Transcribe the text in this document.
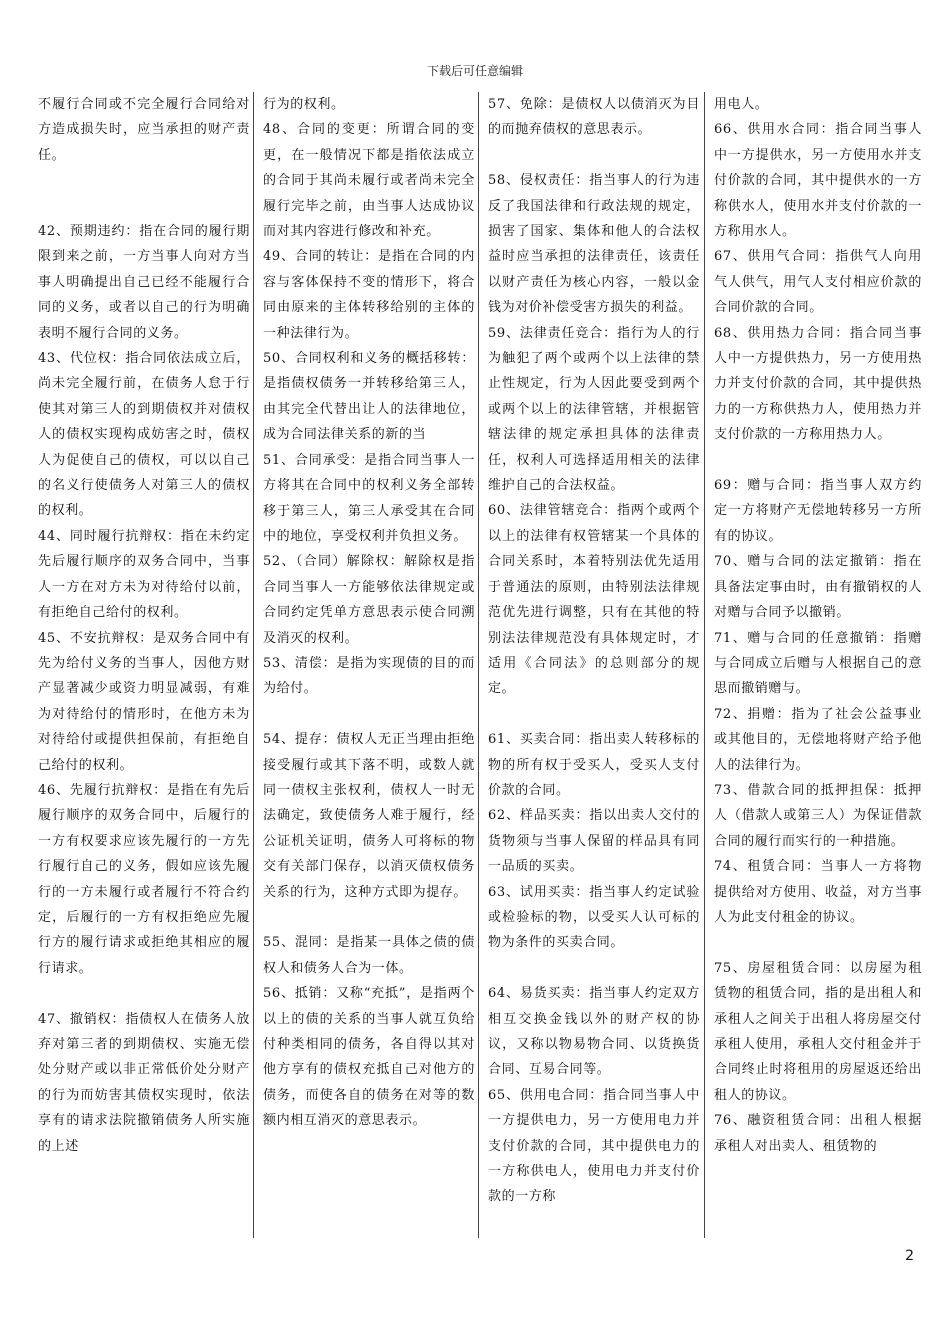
下载后可任意编辑

不履行合同或不完全履行合同给对方造成损失时，应当承担的财产责任。

42、预期违约：指在合同的履行期限到来之前，一方当事人向对方当事人明确提出自己已经不能履行合同的义务，或者以自己的行为明确表明不履行合同的义务。

43、代位权：指合同依法成立后，尚未完全履行前，在债务人怠于行使其对第三人的到期债权并对债权人的债权实现构成妨害之时，债权人为促使自己的债权，可以以自己的名义行使债务人对第三人的债权的权利。

44、同时履行抗辩权：指在未约定先后履行顺序的双务合同中，当事人一方在对方未为对待给付以前，有拒绝自己给付的权利。

45、不安抗辩权：是双务合同中有先为给付义务的当事人，因他方财产显著减少或资力明显减弱，有难为对待给付的情形时，在他方未为对待给付或提供担保前，有拒绝自己给付的权利。

46、先履行抗辩权：是指在有先后履行顺序的双务合同中，后履行的一方有权要求应该先履行的一方先行履行自己的义务，假如应该先履行的一方未履行或者履行不符合约定，后履行的一方有权拒绝应先履行方的履行请求或拒绝其相应的履行请求。

47、撤销权：指债权人在债务人放弃对第三者的到期债权、实施无偿处分财产或以非正常低价处分财产的行为而妨害其债权实现时，依法享有的请求法院撤销债务人所实施的上述

行为的权利。

48、合同的变更：所谓合同的变更，在一般情况下都是指依法成立的合同于其尚未履行或者尚未完全履行完毕之前，由当事人达成协议而对其内容进行修改和补充。

49、合同的转让：是指在合同的内容与客体保持不变的情形下，将合同由原来的主体转移给别的主体的一种法律行为。

50、合同权利和义务的概括移转：是指债权债务一并转移给第三人，由其完全代替出让人的法律地位，成为合同法律关系的新的当

51、合同承受：是指合同当事人一方将其在合同中的权利义务全部转移于第三人，第三人承受其在合同中的地位，享受权利并负担义务。

52、（合同）解除权：解除权是指合同当事人一方能够依法律规定或合同约定凭单方意思表示使合同溯及消灭的权利。

53、清偿：是指为实现债的目的而为给付。

54、提存：债权人无正当理由拒绝接受履行或其下落不明，或数人就同一债权主张权利，债权人一时无法确定，致使债务人难于履行，经公证机关证明，债务人可将标的物交有关部门保存，以消灭债权债务关系的行为，这种方式即为提存。

55、混同：是指某一具体之债的债权人和债务人合为一体。

56、抵销：又称“充抵”，是指两个以上的债的关系的当事人就互负给付种类相同的债务，各自得以其对他方享有的债权充抵自己对他方的债务，而使各自的债务在对等的数额内相互消灭的意思表示。

57、免除：是债权人以债消灭为目的而抛弃债权的意思表示。

58、侵权责任：指当事人的行为违反了我国法律和行政法规的规定，损害了国家、集体和他人的合法权益时应当承担的法律责任，该责任以财产责任为核心内容，一般以金钱为对价补偿受害方损失的利益。

59、法律责任竞合：指行为人的行为触犯了两个或两个以上法律的禁止性规定，行为人因此要受到两个或两个以上的法律管辖，并根据管辖法律的规定承担具体的法律责任，权利人可选择适用相关的法律维护自己的合法权益。

60、法律管辖竞合：指两个或两个以上的法律有权管辖某一个具体的合同关系时，本着特别法优先适用于普通法的原则，由特别法法律规范优先进行调整，只有在其他的特别法法律规范没有具体规定时，才适用《合同法》的总则部分的规定。

61、买卖合同：指出卖人转移标的物的所有权于受买人，受买人支付价款的合同。

62、样品买卖：指以出卖人交付的货物须与当事人保留的样品具有同一品质的买卖。

63、试用买卖：指当事人约定试验或检验标的物，以受买人认可标的物为条件的买卖合同。

64、易货买卖：指当事人约定双方相互交换金钱以外的财产权的协议，又称以物易物合同、以货换货合同、互易合同等。

65、供用电合同：指合同当事人中一方提供电力，另一方使用电力并支付价款的合同，其中提供电力的一方称供电人，使用电力并支付价款的一方称

用电人。

66、供用水合同：指合同当事人中一方提供水，另一方使用水并支付价款的合同，其中提供水的一方称供水人，使用水并支付价款的一方称用水人。

67、供用气合同：指供气人向用气人供气，用气人支付相应价款的合同价款的合同。

68、供用热力合同：指合同当事人中一方提供热力，另一方使用热力并支付价款的合同，其中提供热力的一方称供热力人，使用热力并支付价款的一方称用热力人。

69：赠与合同：指当事人双方约定一方将财产无偿地转移另一方所有的协议。

70、赠与合同的法定撤销：指在具备法定事由时，由有撤销权的人对赠与合同予以撤销。

71、赠与合同的任意撤销：指赠与合同成立后赠与人根据自己的意思而撤销赠与。

72、捐赠：指为了社会公益事业或其他目的，无偿地将财产给予他人的法律行为。

73、借款合同的抵押担保：抵押人（借款人或第三人）为保证借款合同的履行而实行的一种措施。

74、租赁合同：当事人一方将物提供给对方使用、收益，对方当事人为此支付租金的协议。

75、房屋租赁合同：以房屋为租赁物的租赁合同，指的是出租人和承租人之间关于出租人将房屋交付承租人使用，承租人交付租金并于合同终止时将租用的房屋返还给出租人的协议。

76、融资租赁合同：出租人根据承租人对出卖人、租赁物的

2
